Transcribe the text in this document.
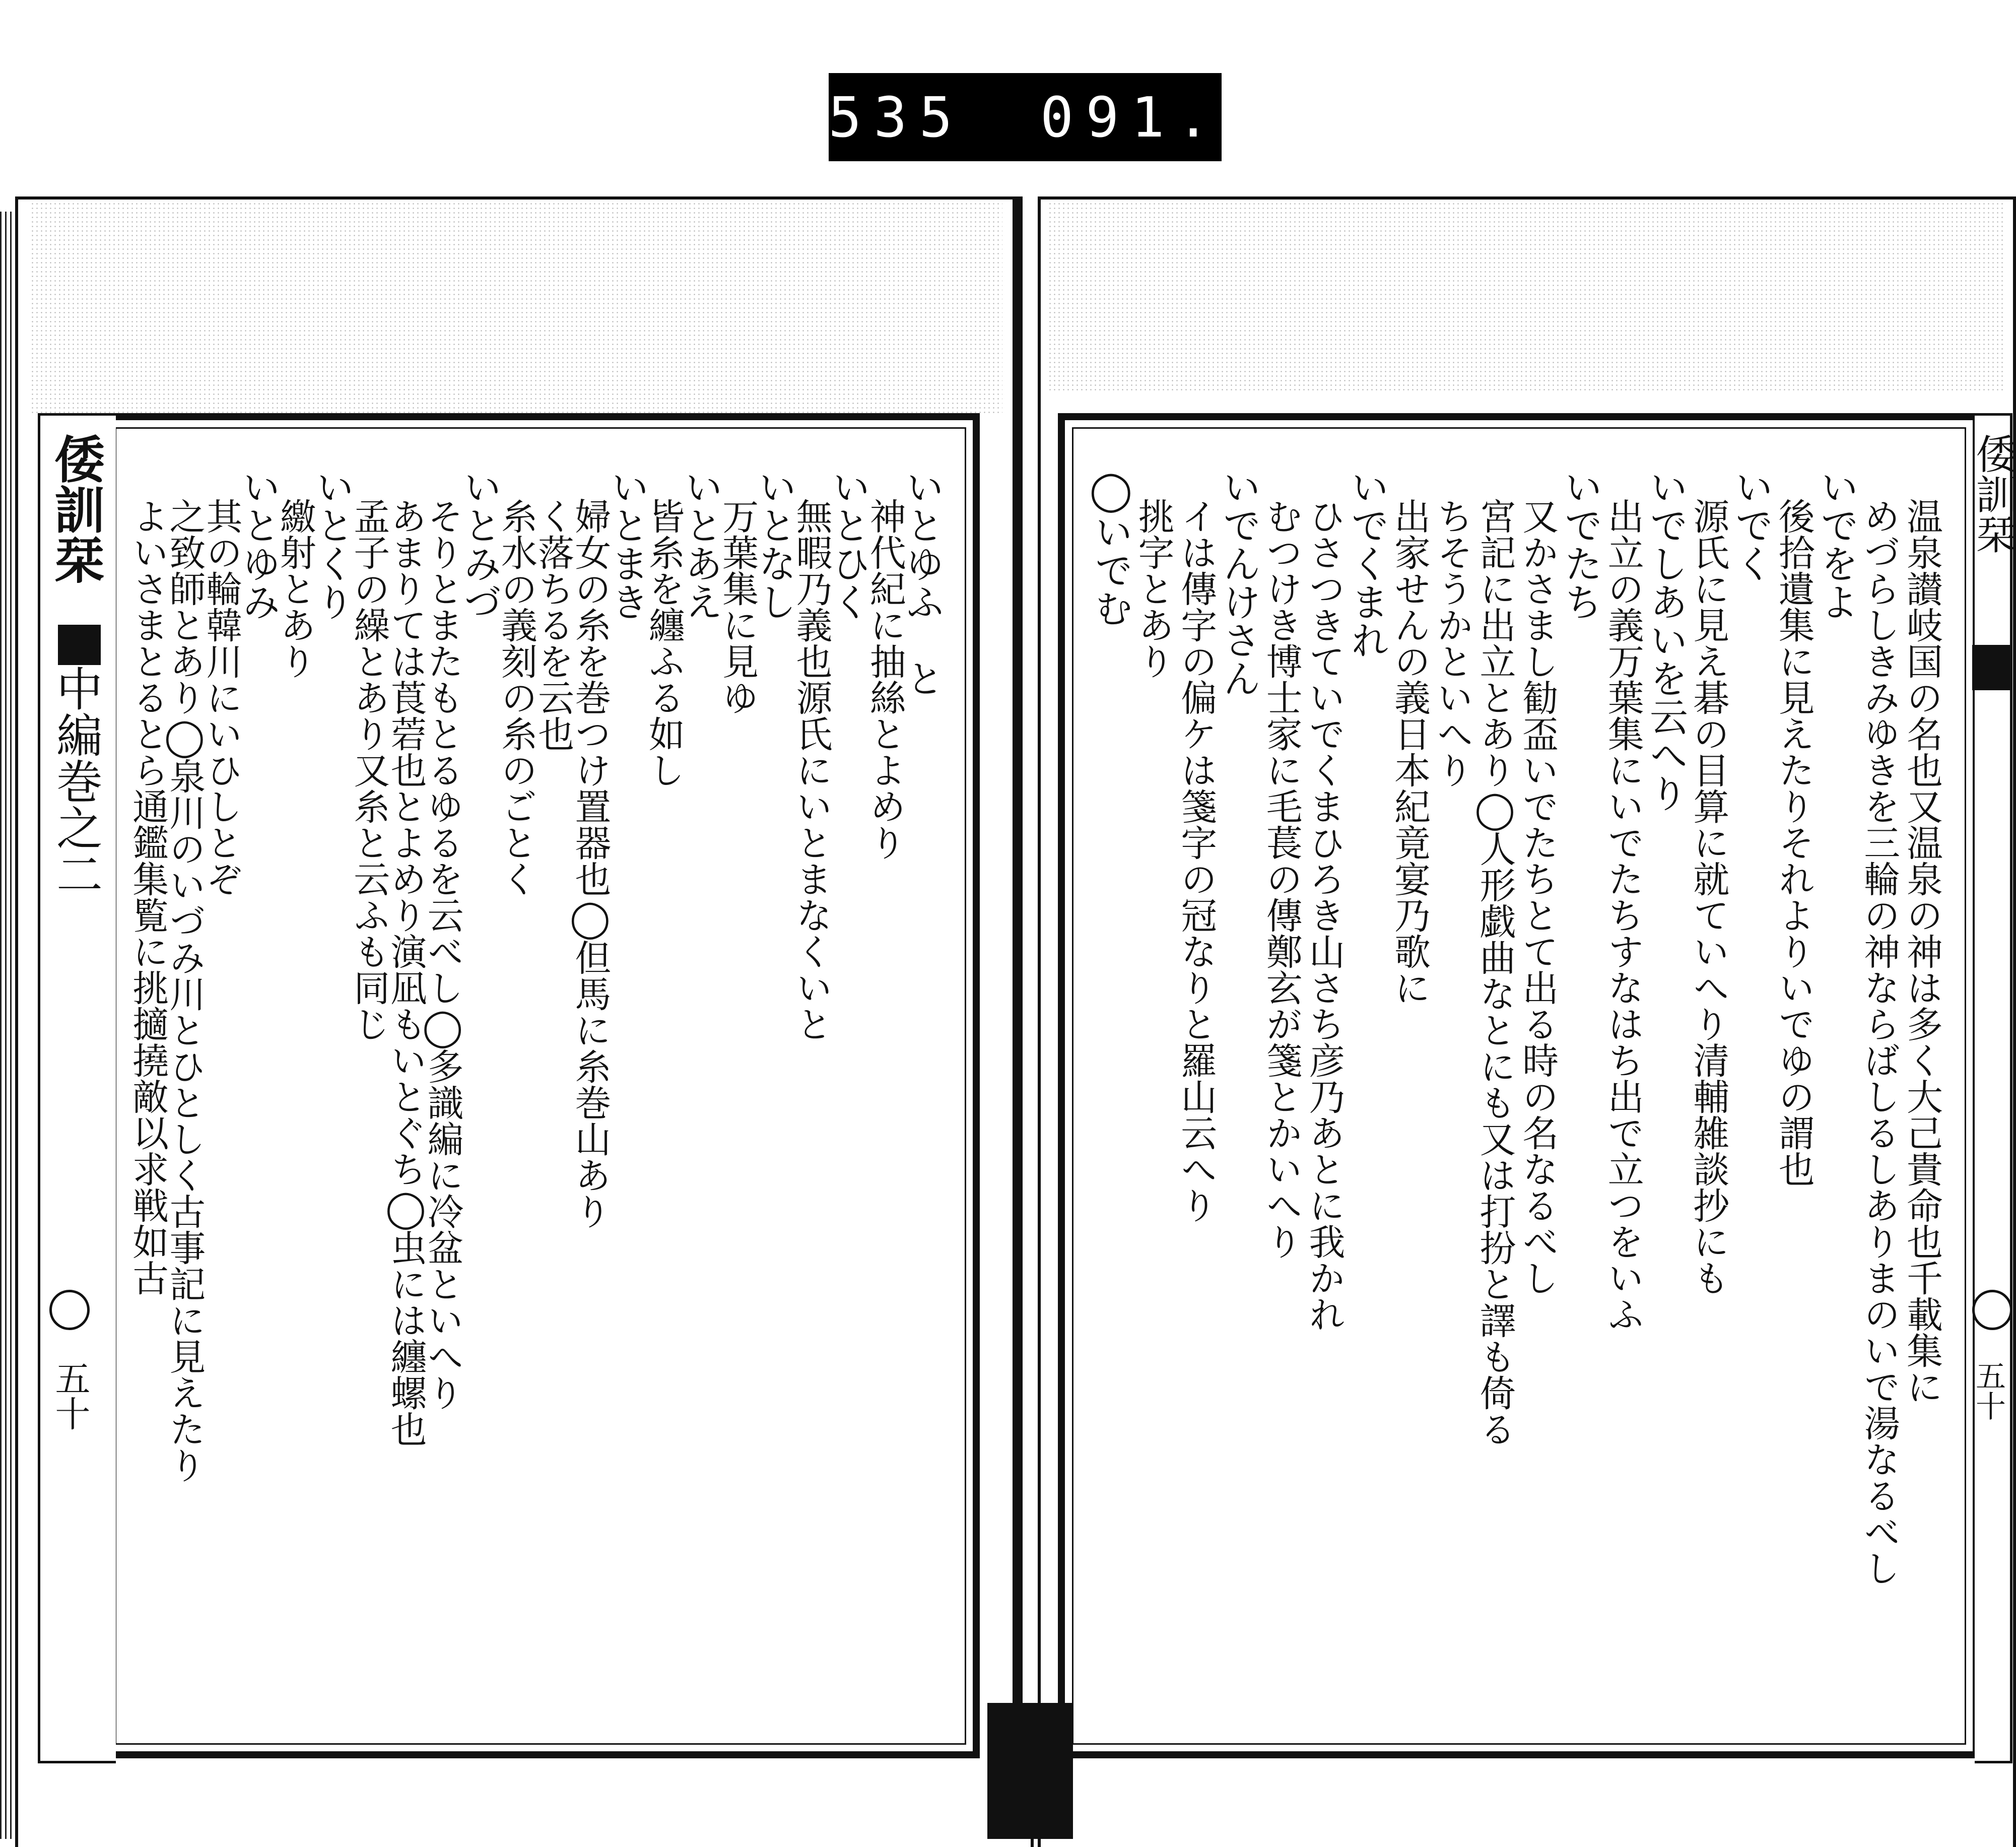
535 091.
倭訓栞
中編巻之二
五十
いとゆふ　と
神代紀に抽絲とよめり
いとひく
無暇乃義也源氏にいとまなくいと
いとなし
万葉集に見ゆ
いとあえ
皆糸を纏ふる如し
いとまき
婦女の糸を巻つけ置器也◯但馬に糸巻山あり
く落ちるを云也
糸水の義刻の糸のごとく
いとみづ
そりとまたもとるゆるを云べし◯多識編に冷盆といへり
あまりては莨菪也とよめり演凪もいとぐち◯虫には纏螺也
孟子の繰とあり又糸と云ふも同じ
いとくり
繳射とあり
いとゆみ
其の輪韓川にいひしとぞ
之致師とあり◯泉川のいづみ川とひとしく古事記に見えたり
よいさまとるとら通鑑集覧に挑擿撓敵以求戦如古
倭訓栞
五十
温泉讃岐国の名也又温泉の神は多く大己貴命也千載集に
めづらしきみゆきを三輪の神ならばしるしありまのいで湯なるべし
いでをよ
後拾遺集に見えたりそれよりいでゆの謂也
いでく
源氏に見え碁の目算に就ていへり清輔雑談抄にも
いでしあいを云へり
出立の義万葉集にいでたちすなはち出で立つをいふ
いでたち
又かさまし勧盃いでたちとて出る時の名なるべし
宮記に出立とあり◯人形戯曲なとにも又は打扮と譯も倚る
ちそうかといへり
出家せんの義日本紀竟宴乃歌に
いでくまれ
ひさつきていでくまひろき山さち彦乃あとに我かれ
むつけき博士家に毛萇の傳鄭玄が箋とかいへり
いでんけさん
イは傳字の偏ケは箋字の冠なりと羅山云へり
挑字とあり
◯いでむ
